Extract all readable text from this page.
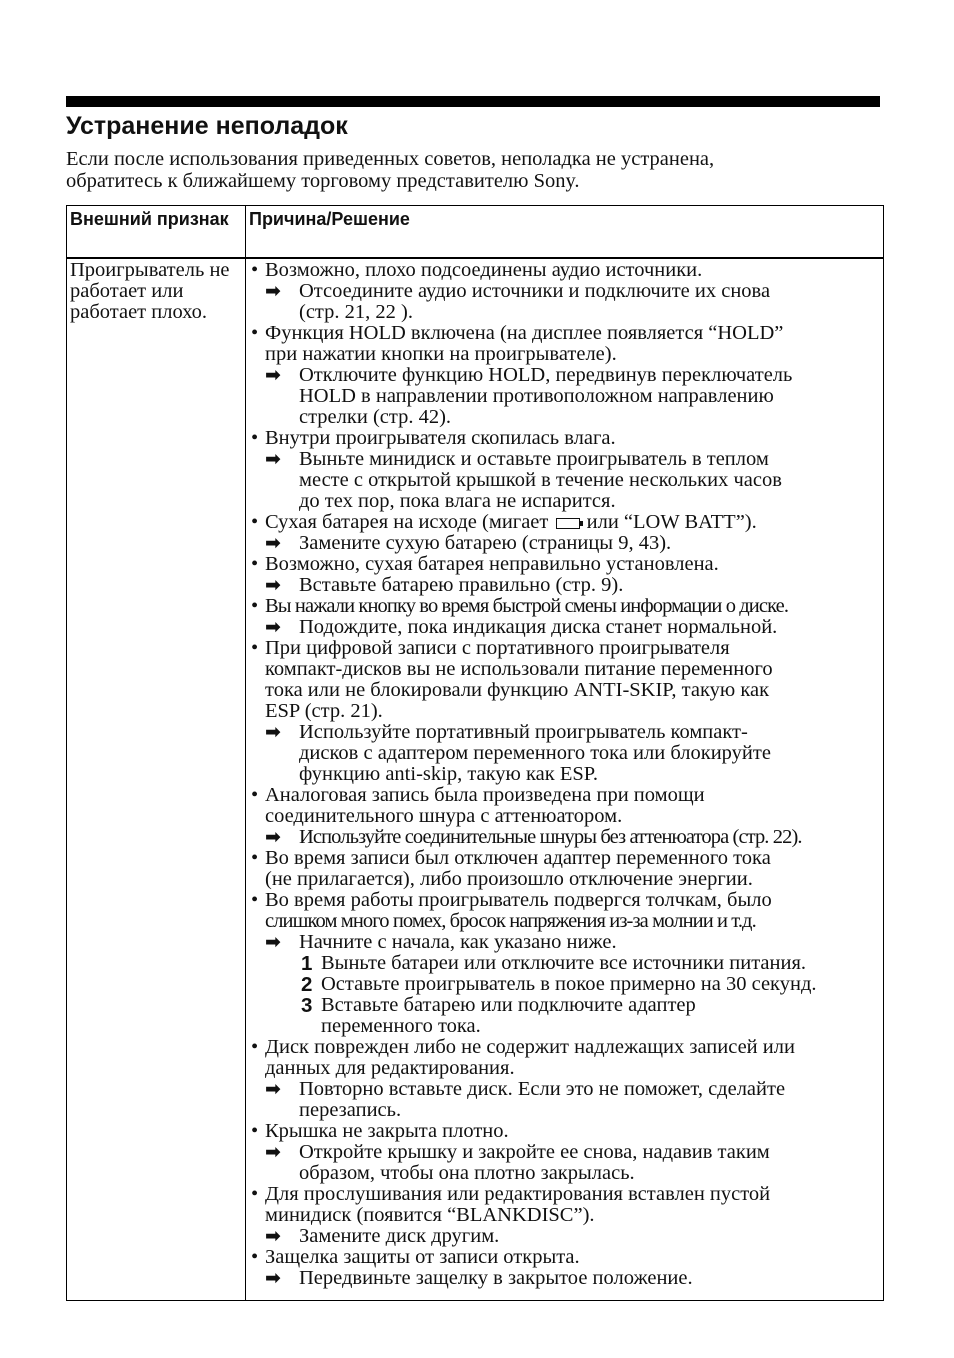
Устранение неполадок

Если после использования приведенных советов, неполадка не устранена,
обратитесь к ближайшему торговому представителю Sony.

Внешний признак	Причина/Решение
Проигрыватель не работает или работает плохо.
• Возможно, плохо подсоединены аудио источники.
➡ Отсоедините аудио источники и подключите их снова
(стр. 21, 22 ).
• Функция HOLD включена (на дисплее появляется “HOLD”
при нажатии кнопки на проигрывателе).
➡ Отключите функцию HOLD, передвинув переключатель
HOLD в направлении противоположном направлению
стрелки (стр. 42).
• Внутри проигрывателя скопилась влага.
➡ Выньте минидиск и оставьте проигрыватель в теплом
месте с открытой крышкой в течение нескольких часов
до тех пор, пока влага не испарится.
• Сухая батарея на исходе (мигает или “LOW BATT”).
➡ Замените сухую батарею (страницы 9, 43).
• Возможно, сухая батарея неправильно установлена.
➡ Вставьте батарею правильно (стр. 9).
• Вы нажали кнопку во время быстрой смены информации о диске.
➡ Подождите, пока индикация диска станет нормальной.
• При цифровой записи с портативного проигрывателя
компакт-дисков вы не использовали питание переменного
тока или не блокировали функцию ANTI-SKIP, такую как
ESP (стр. 21).
➡ Используйте портативный проигрыватель компакт-
дисков с адаптером переменного тока или блокируйте
функцию anti-skip, такую как ESP.
• Аналоговая запись была произведена при помощи
соединительного шнура с аттенюатором.
➡ Используйте соединительные шнуры без аттенюатора (стр. 22).
• Во время записи был отключен адаптер переменного тока
(не прилагается), либо произошло отключение энергии.
• Во время работы проигрыватель подвергся толчкам, было
слишком много помех, бросок напряжения из-за молнии и т.д.
➡ Начните с начала, как указано ниже.
1 Выньте батареи или отключите все источники питания.
2 Оставьте проигрыватель в покое примерно на 30 секунд.
3 Вставьте батарею или подключите адаптер
переменного тока.
• Диск поврежден либо не содержит надлежащих записей или
данных для редактирования.
➡ Повторно вставьте диск. Если это не поможет, сделайте
перезапись.
• Крышка не закрыта плотно.
➡ Откройте крышку и закройте ее снова, надавив таким
образом, чтобы она плотно закрылась.
• Для прослушивания или редактирования вставлен пустой
минидиск (появится “BLANKDISC”).
➡ Замените диск другим.
• Защелка защиты от записи открыта.
➡ Передвиньте защелку в закрытое положение.
